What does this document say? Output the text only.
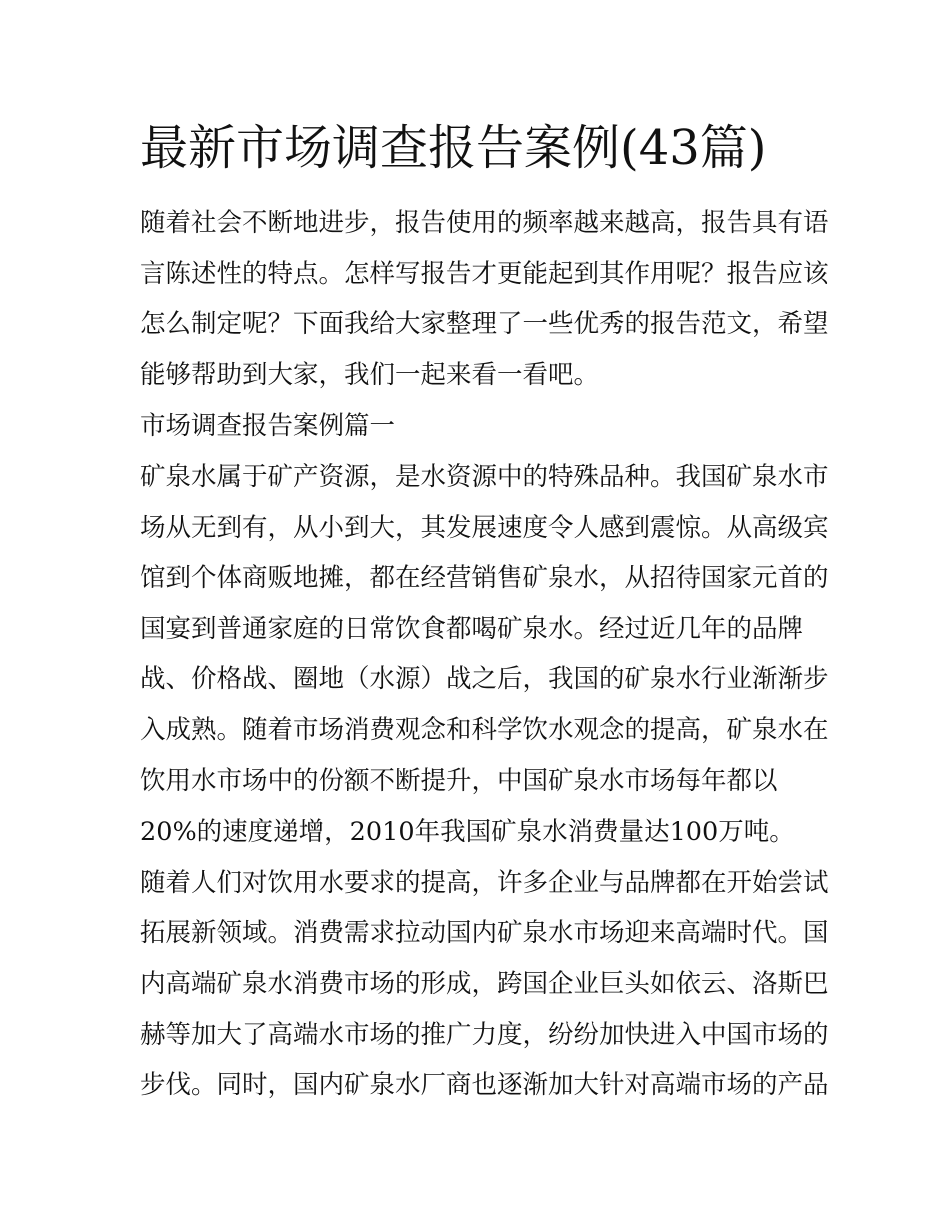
最新市场调查报告案例(43篇)
随着社会不断地进步，报告使用的频率越来越高，报告具有语
言陈述性的特点。怎样写报告才更能起到其作用呢？报告应该
怎么制定呢？下面我给大家整理了一些优秀的报告范文，希望
能够帮助到大家，我们一起来看一看吧。
市场调查报告案例篇一
矿泉水属于矿产资源，是水资源中的特殊品种。我国矿泉水市
场从无到有，从小到大，其发展速度令人感到震惊。从高级宾
馆到个体商贩地摊，都在经营销售矿泉水，从招待国家元首的
国宴到普通家庭的日常饮食都喝矿泉水。经过近几年的品牌
战、价格战、圈地（水源）战之后，我国的矿泉水行业渐渐步
入成熟。随着市场消费观念和科学饮水观念的提高，矿泉水在
饮用水市场中的份额不断提升，中国矿泉水市场每年都以
20%的速度递增，2010年我国矿泉水消费量达100万吨。
随着人们对饮用水要求的提高，许多企业与品牌都在开始尝试
拓展新领域。消费需求拉动国内矿泉水市场迎来高端时代。国
内高端矿泉水消费市场的形成，跨国企业巨头如依云、洛斯巴
赫等加大了高端水市场的推广力度，纷纷加快进入中国市场的
步伐。同时，国内矿泉水厂商也逐渐加大针对高端市场的产品
